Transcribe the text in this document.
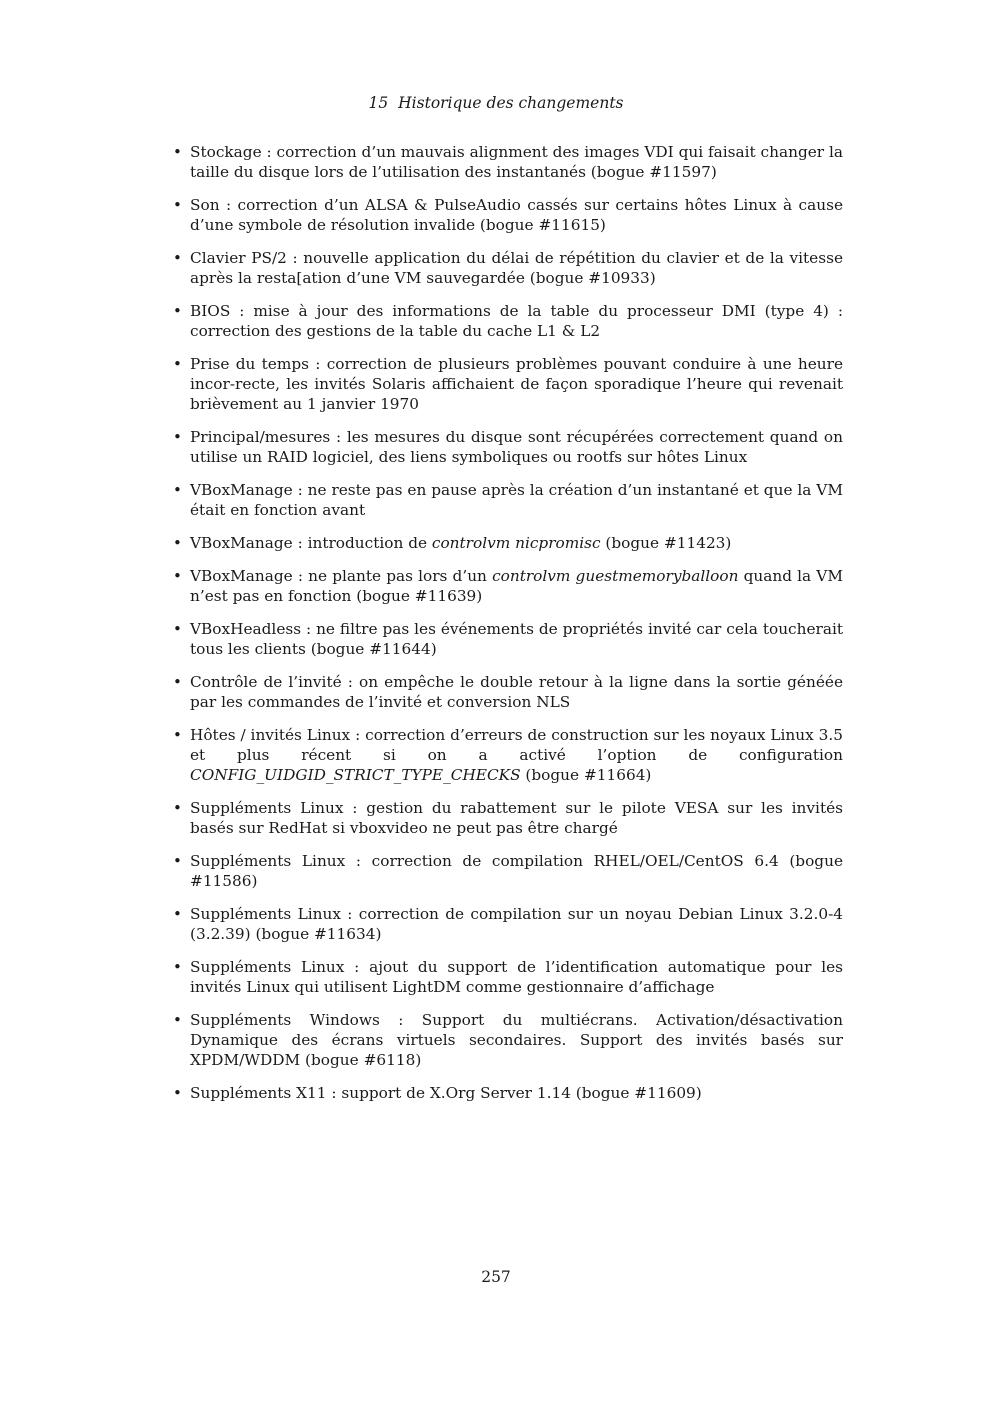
15 Historique des changements
• Stockage : correction d’un mauvais alignment des images VDI qui faisait changer la taille du disque lors de l’utilisation des instantanés (bogue #11597)
• Son : correction d’un ALSA & PulseAudio cassés sur certains hôtes Linux à cause d’une symbole de résolution invalide (bogue #11615)
• Clavier PS/2 : nouvelle application du délai de répétition du clavier et de la vitesse après la resta[ation d’une VM sauvegardée (bogue #10933)
• BIOS : mise à jour des informations de la table du processeur DMI (type 4) : correction des gestions de la table du cache L1 & L2
• Prise du temps : correction de plusieurs problèmes pouvant conduire à une heure incor-recte, les invités Solaris affichaient de façon sporadique l’heure qui revenait brièvement au 1 janvier 1970
• Principal/mesures : les mesures du disque sont récupérées correctement quand on utilise un RAID logiciel, des liens symboliques ou rootfs sur hôtes Linux
• VBoxManage : ne reste pas en pause après la création d’un instantané et que la VM était en fonction avant
• VBoxManage : introduction de controlvm nicpromisc (bogue #11423)
• VBoxManage : ne plante pas lors d’un controlvm guestmemoryballoon quand la VM n’est pas en fonction (bogue #11639)
• VBoxHeadless : ne filtre pas les événements de propriétés invité car cela toucherait tous les clients (bogue #11644)
• Contrôle de l’invité : on empêche le double retour à la ligne dans la sortie généée par les commandes de l’invité et conversion NLS
• Hôtes / invités Linux : correction d’erreurs de construction sur les noyaux Linux 3.5 et plus récent si on a activé l’option de configuration CONFIG_UIDGID_STRICT_TYPE_CHECKS (bogue #11664)
• Suppléments Linux : gestion du rabattement sur le pilote VESA sur les invités basés sur RedHat si vboxvideo ne peut pas être chargé
• Suppléments Linux : correction de compilation RHEL/OEL/CentOS 6.4 (bogue #11586)
• Suppléments Linux : correction de compilation sur un noyau Debian Linux 3.2.0-4 (3.2.39) (bogue #11634)
• Suppléments Linux : ajout du support de l’identification automatique pour les invités Linux qui utilisent LightDM comme gestionnaire d’affichage
• Suppléments Windows : Support du multiécrans. Activation/désactivation Dynamique des écrans virtuels secondaires. Support des invités basés sur XPDM/WDDM (bogue #6118)
• Suppléments X11 : support de X.Org Server 1.14 (bogue #11609)
257
